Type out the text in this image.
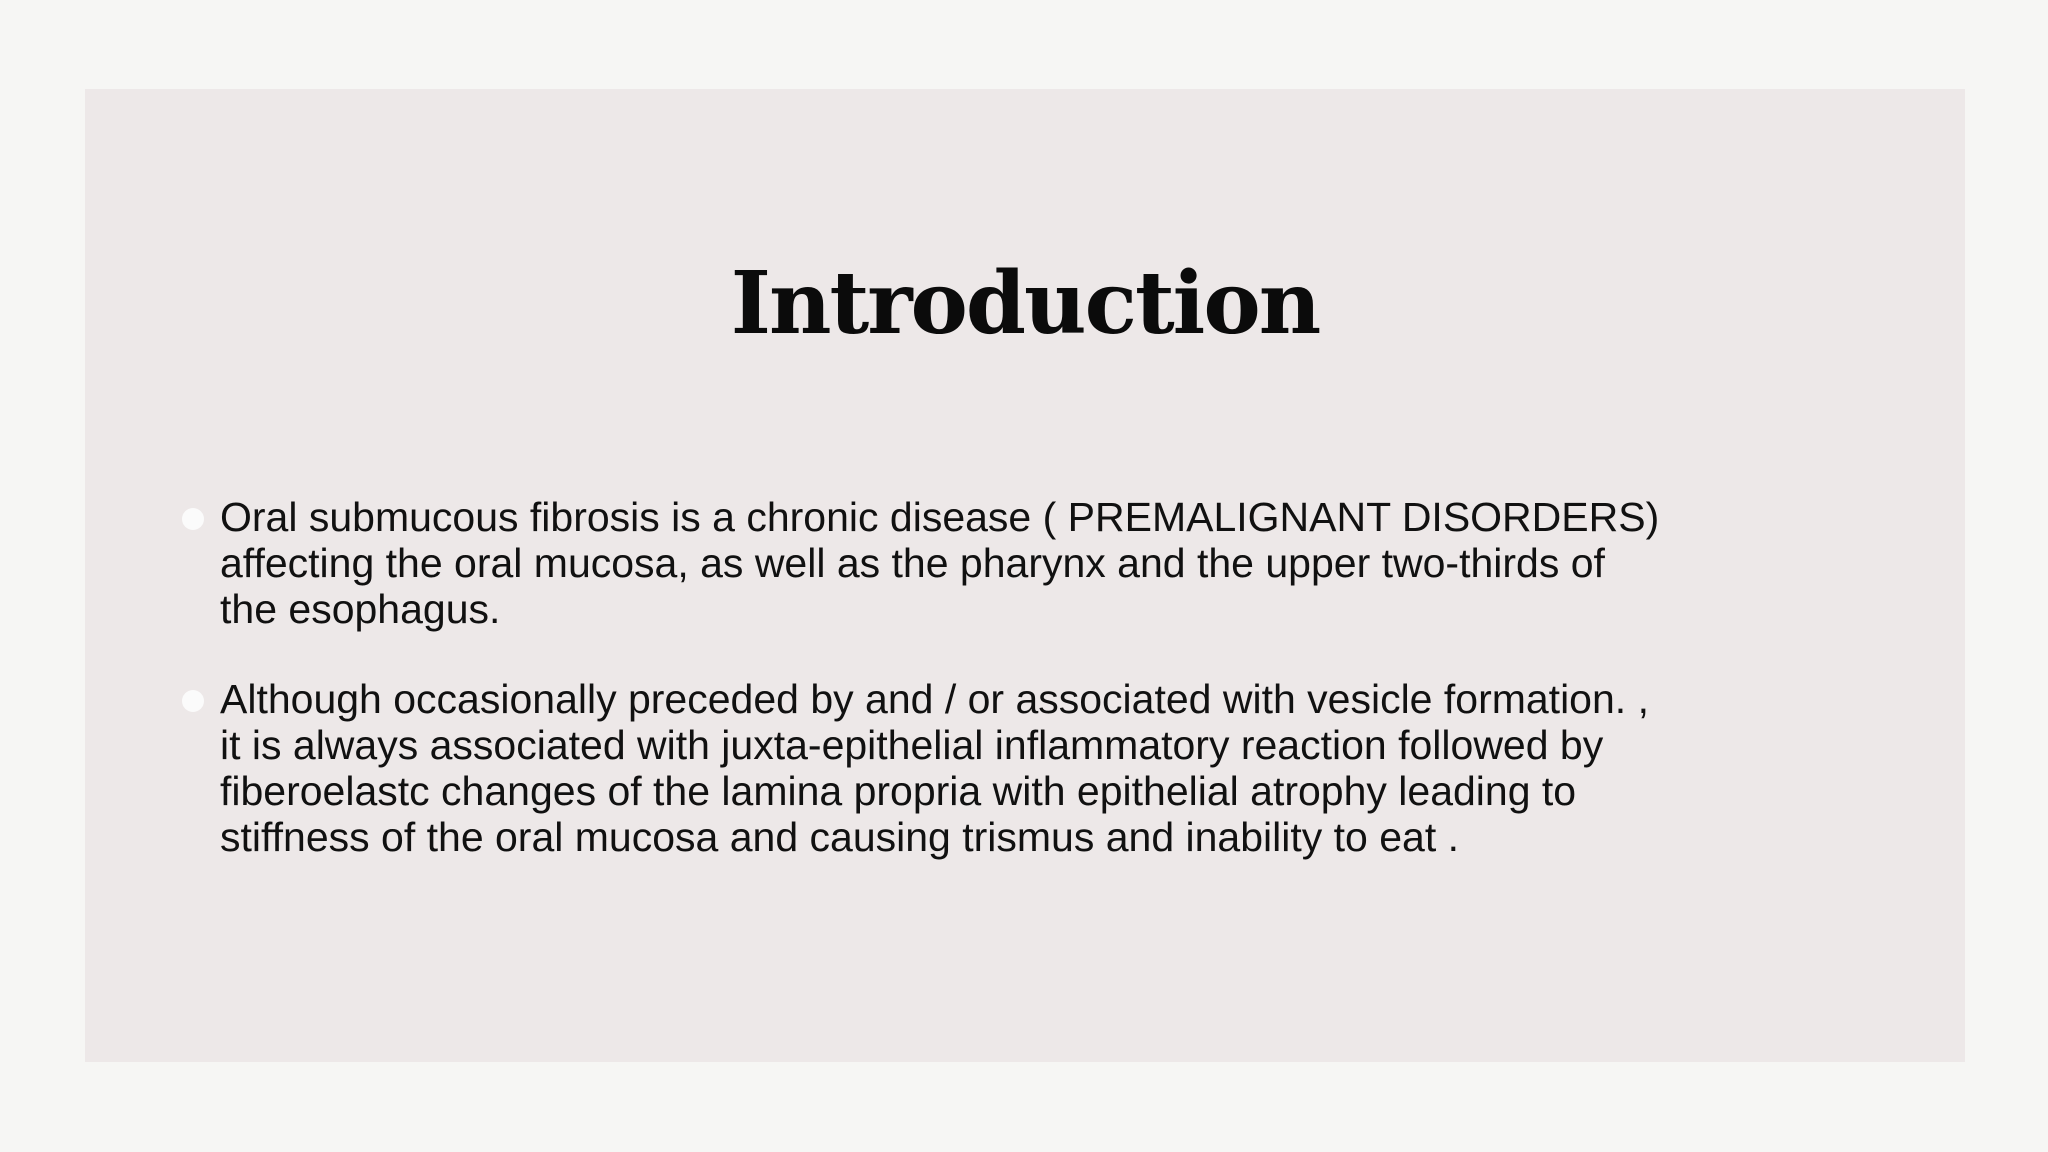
Introduction
Oral submucous fibrosis is a chronic disease ( PREMALIGNANT DISORDERS)
affecting the oral mucosa, as well as the pharynx and the upper two-thirds of
the esophagus.
Although occasionally preceded by and / or associated with vesicle formation. ,
it is always associated with juxta-epithelial inflammatory reaction followed by
fiberoelastc changes of the lamina propria with epithelial atrophy leading to
stiffness of the oral mucosa and causing trismus and inability to eat .
